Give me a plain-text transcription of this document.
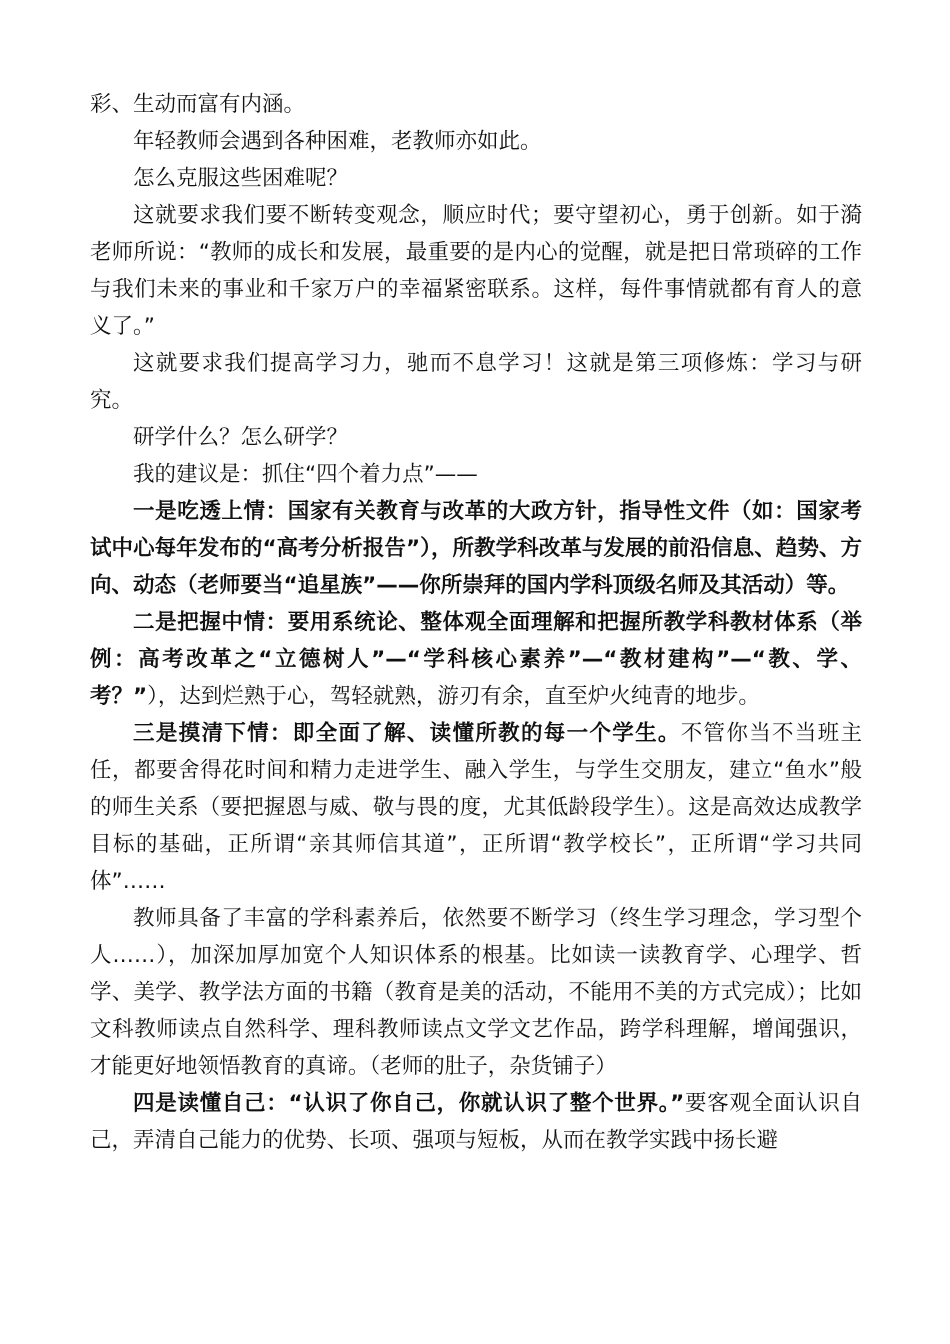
彩、生动而富有内涵。

年轻教师会遇到各种困难，老教师亦如此。

怎么克服这些困难呢？

这就要求我们要不断转变观念，顺应时代；要守望初心，勇于创新。如于漪老师所说：“教师的成长和发展，最重要的是内心的觉醒，就是把日常琐碎的工作与我们未来的事业和千家万户的幸福紧密联系。这样，每件事情就都有育人的意义了。”

这就要求我们提高学习力，驰而不息学习！这就是第三项修炼：学习与研究。

研学什么？怎么研学？

我的建议是：抓住“四个着力点”——

一是吃透上情：国家有关教育与改革的大政方针，指导性文件（如：国家考试中心每年发布的“高考分析报告”），所教学科改革与发展的前沿信息、趋势、方向、动态（老师要当“追星族”——你所崇拜的国内学科顶级名师及其活动）等。

二是把握中情：要用系统论、整体观全面理解和把握所教学科教材体系（举例：高考改革之“立德树人”—“学科核心素养”—“教材建构”—“教、学、考？”），达到烂熟于心，驾轻就熟，游刃有余，直至炉火纯青的地步。

三是摸清下情：即全面了解、读懂所教的每一个学生。不管你当不当班主任，都要舍得花时间和精力走进学生、融入学生，与学生交朋友，建立“鱼水”般的师生关系（要把握恩与威、敬与畏的度，尤其低龄段学生）。这是高效达成教学目标的基础，正所谓“亲其师信其道”，正所谓“教学校长”，正所谓“学习共同体”……

教师具备了丰富的学科素养后，依然要不断学习（终生学习理念，学习型个人……），加深加厚加宽个人知识体系的根基。比如读一读教育学、心理学、哲学、美学、教学法方面的书籍（教育是美的活动，不能用不美的方式完成）；比如文科教师读点自然科学、理科教师读点文学文艺作品，跨学科理解，增闻强识，才能更好地领悟教育的真谛。（老师的肚子，杂货铺子）

四是读懂自己：“认识了你自己，你就认识了整个世界。”要客观全面认识自己，弄清自己能力的优势、长项、强项与短板，从而在教学实践中扬长避
